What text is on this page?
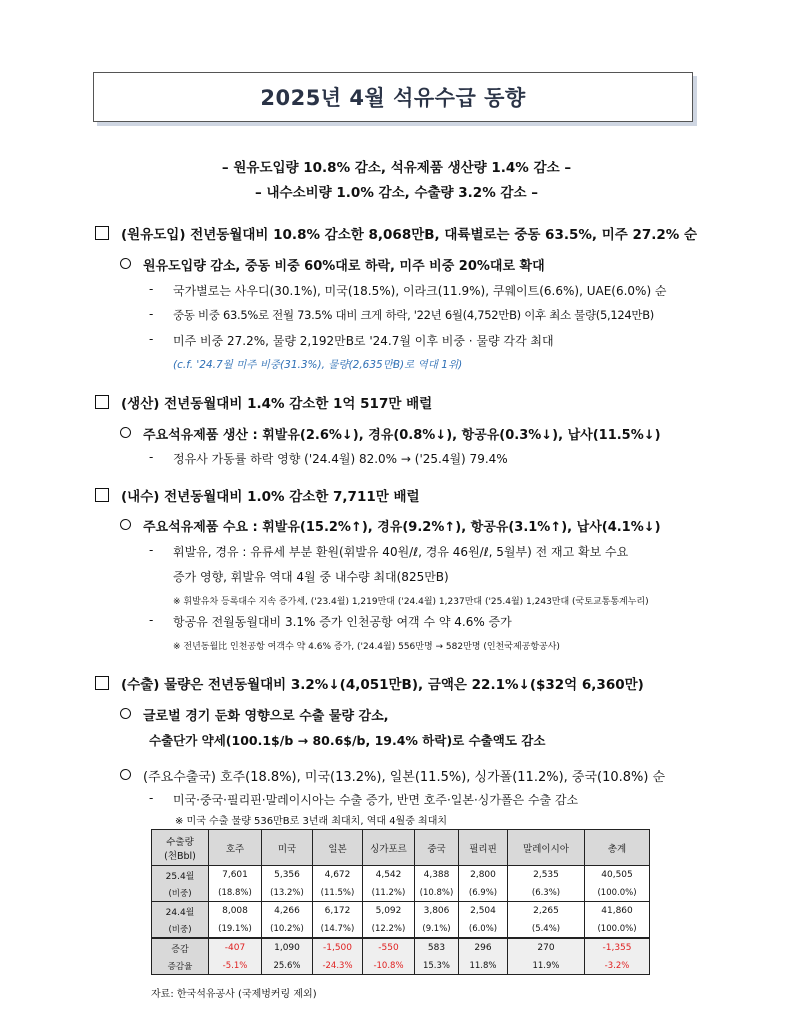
2025년 4월 석유수급 동향
– 원유도입량 10.8% 감소, 석유제품 생산량 1.4% 감소 –
– 내수소비량 1.0% 감소, 수출량 3.2% 감소 –
(원유도입) 전년동월대비 10.8% 감소한 8,068만B, 대륙별로는 중동 63.5%, 미주 27.2% 순
원유도입량 감소, 중동 비중 60%대로 하락, 미주 비중 20%대로 확대
-	국가별로는 사우디(30.1%), 미국(18.5%), 이라크(11.9%), 쿠웨이트(6.6%), UAE(6.0%) 순
-	중동 비중 63.5%로 전월 73.5% 대비 크게 하락, '22년 6월(4,752만B) 이후 최소 물량(5,124만B)
-	미주 비중 27.2%, 물량 2,192만B로 '24.7월 이후 비중 · 물량 각각 최대
(c.f. '24.7월 미주 비중(31.3%), 물량(2,635만B)로 역대 1위)
(생산) 전년동월대비 1.4% 감소한 1억 517만 배럴
주요석유제품 생산 : 휘발유(2.6%↓), 경유(0.8%↓), 항공유(0.3%↓), 납사(11.5%↓)
-	정유사 가동률 하락 영향 ('24.4월) 82.0% → ('25.4월) 79.4%
(내수) 전년동월대비 1.0% 감소한 7,711만 배럴
주요석유제품 수요 : 휘발유(15.2%↑), 경유(9.2%↑), 항공유(3.1%↑), 납사(4.1%↓)
-	휘발유, 경유 : 유류세 부분 환원(휘발유 40원/ℓ, 경유 46원/ℓ, 5월부) 전 재고 확보 수요
증가 영향, 휘발유 역대 4월 중 내수량 최대(825만B)
※ 휘발유차 등록대수 지속 증가세, ('23.4월) 1,219만대 ('24.4월) 1,237만대 ('25.4월) 1,243만대 (국토교통통계누리)
-	항공유 전월동월대비 3.1% 증가 인천공항 여객 수 약 4.6% 증가
※ 전년동월比 인천공항 여객수 약 4.6% 증가, ('24.4월) 556만명 → 582만명 (인천국제공항공사)
(수출) 물량은 전년동월대비 3.2%↓(4,051만B), 금액은 22.1%↓($32억 6,360만)
글로벌 경기 둔화 영향으로 수출 물량 감소,
수출단가 약세(100.1$/b → 80.6$/b, 19.4% 하락)로 수출액도 감소
(주요수출국) 호주(18.8%), 미국(13.2%), 일본(11.5%), 싱가폴(11.2%), 중국(10.8%) 순
-	미국·중국·필리핀·말레이시아는 수출 증가, 반면 호주·일본·싱가폴은 수출 감소
※ 미국 수출 물량 536만B로 3년래 최대치, 역대 4월중 최대치
수출량
(천Bbl)	호주	미국	일본	싱가포르	중국	필리핀	말레이시아	총계
25.4월	7,601	5,356	4,672	4,542	4,388	2,800	2,535	40,505
(비중)	(18.8%)	(13.2%)	(11.5%)	(11.2%)	(10.8%)	(6.9%)	(6.3%)	(100.0%)
24.4월	8,008	4,266	6,172	5,092	3,806	2,504	2,265	41,860
(비중)	(19.1%)	(10.2%)	(14.7%)	(12.2%)	(9.1%)	(6.0%)	(5.4%)	(100.0%)
증감	-407	1,090	-1,500	-550	583	296	270	-1,355
증감율	-5.1%	25.6%	-24.3%	-10.8%	15.3%	11.8%	11.9%	-3.2%
자료: 한국석유공사 (국제벙커링 제외)
